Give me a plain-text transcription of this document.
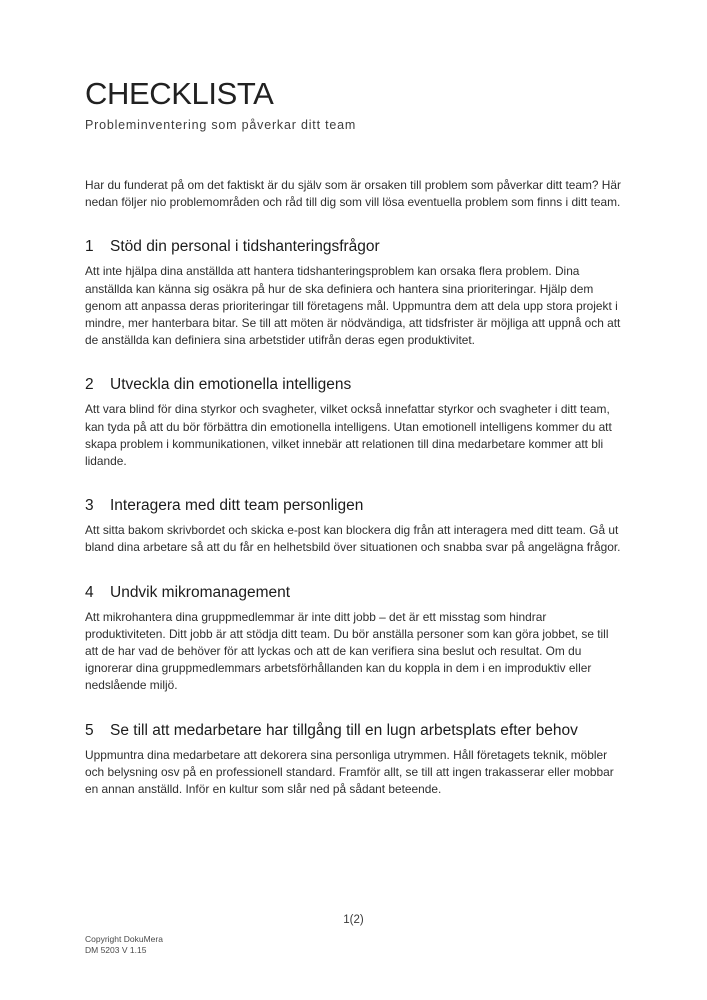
CHECKLISTA
Probleminventering som påverkar ditt team

Har du funderat på om det faktiskt är du själv som är orsaken till problem som påverkar ditt team? Här nedan följer nio problemområden och råd till dig som vill lösa eventuella problem som finns i ditt team.

1	Stöd din personal i tidshanteringsfrågor

Att inte hjälpa dina anställda att hantera tidshanteringsproblem kan orsaka flera problem. Dina anställda kan känna sig osäkra på hur de ska definiera och hantera sina prioriteringar. Hjälp dem genom att anpassa deras prioriteringar till företagens mål. Uppmuntra dem att dela upp stora projekt i mindre, mer hanterbara bitar. Se till att möten är nödvändiga, att tidsfrister är möjliga att uppnå och att de anställda kan definiera sina arbetstider utifrån deras egen produktivitet.

2	Utveckla din emotionella intelligens

Att vara blind för dina styrkor och svagheter, vilket också innefattar styrkor och svagheter i ditt team, kan tyda på att du bör förbättra din emotionella intelligens. Utan emotionell intelligens kommer du att skapa problem i kommunikationen, vilket innebär att relationen till dina medarbetare kommer att bli lidande.

3	Interagera med ditt team personligen

Att sitta bakom skrivbordet och skicka e-post kan blockera dig från att interagera med ditt team. Gå ut bland dina arbetare så att du får en helhetsbild över situationen och snabba svar på angelägna frågor.

4	Undvik mikromanagement

Att mikrohantera dina gruppmedlemmar är inte ditt jobb – det är ett misstag som hindrar produktiviteten. Ditt jobb är att stödja ditt team. Du bör anställa personer som kan göra jobbet, se till att de har vad de behöver för att lyckas och att de kan verifiera sina beslut och resultat. Om du ignorerar dina gruppmedlemmars arbetsförhållanden kan du koppla in dem i en improduktiv eller nedslående miljö.

5	Se till att medarbetare har tillgång till en lugn arbetsplats efter behov

Uppmuntra dina medarbetare att dekorera sina personliga utrymmen. Håll företagets teknik, möbler och belysning osv på en professionell standard. Framför allt, se till att ingen trakasserar eller mobbar en annan anställd. Inför en kultur som slår ned på sådant beteende.

1(2)
Copyright DokuMera
DM 5203 V 1.15
